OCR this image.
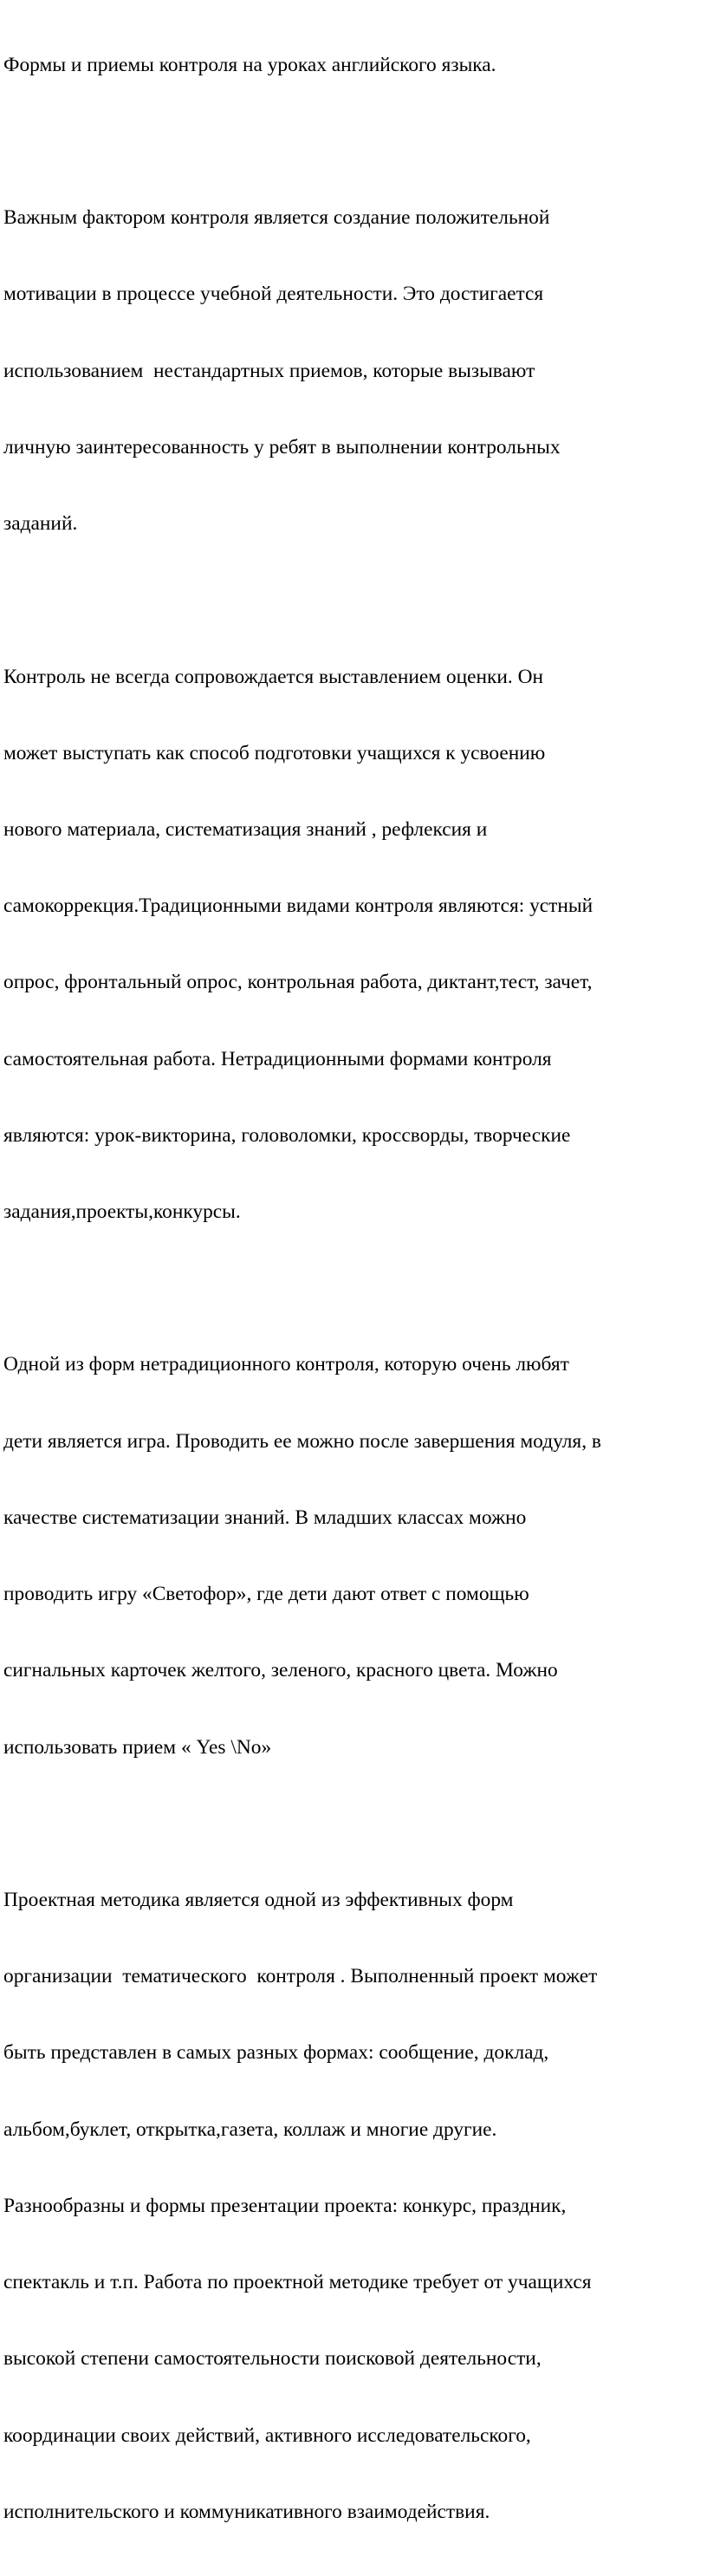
Формы и приемы контроля на уроках английского языка.

Важным фактором контроля является создание положительной

мотивации в процессе учебной деятельности. Это достигается

использованием  нестандартных приемов, которые вызывают

личную заинтересованность у ребят в выполнении контрольных

заданий.

Контроль не всегда сопровождается выставлением оценки. Он

может выступать как способ подготовки учащихся к усвоению

нового материала, систематизация знаний , рефлексия и

самокоррекция.Традиционными видами контроля являются: устный

опрос, фронтальный опрос, контрольная работа, диктант,тест, зачет,

самостоятельная работа. Нетрадиционными формами контроля

являются: урок-викторина, головоломки, кроссворды, творческие

задания,проекты,конкурсы.

Одной из форм нетрадиционного контроля, которую очень любят

дети является игра. Проводить ее можно после завершения модуля, в

качестве систематизации знаний. В младших классах можно

проводить игру «Светофор», где дети дают ответ с помощью

сигнальных карточек желтого, зеленого, красного цвета. Можно

использовать прием « Yes \No»

Проектная методика является одной из эффективных форм

организации  тематического  контроля . Выполненный проект может

быть представлен в самых разных формах: сообщение, доклад,

альбом,буклет, открытка,газета, коллаж и многие другие.

Разнообразны и формы презентации проекта: конкурс, праздник,

спектакль и т.п. Работа по проектной методике требует от учащихся

высокой степени самостоятельности поисковой деятельности,

координации своих действий, активного исследовательского,

исполнительского и коммуникативного взаимодействия.
